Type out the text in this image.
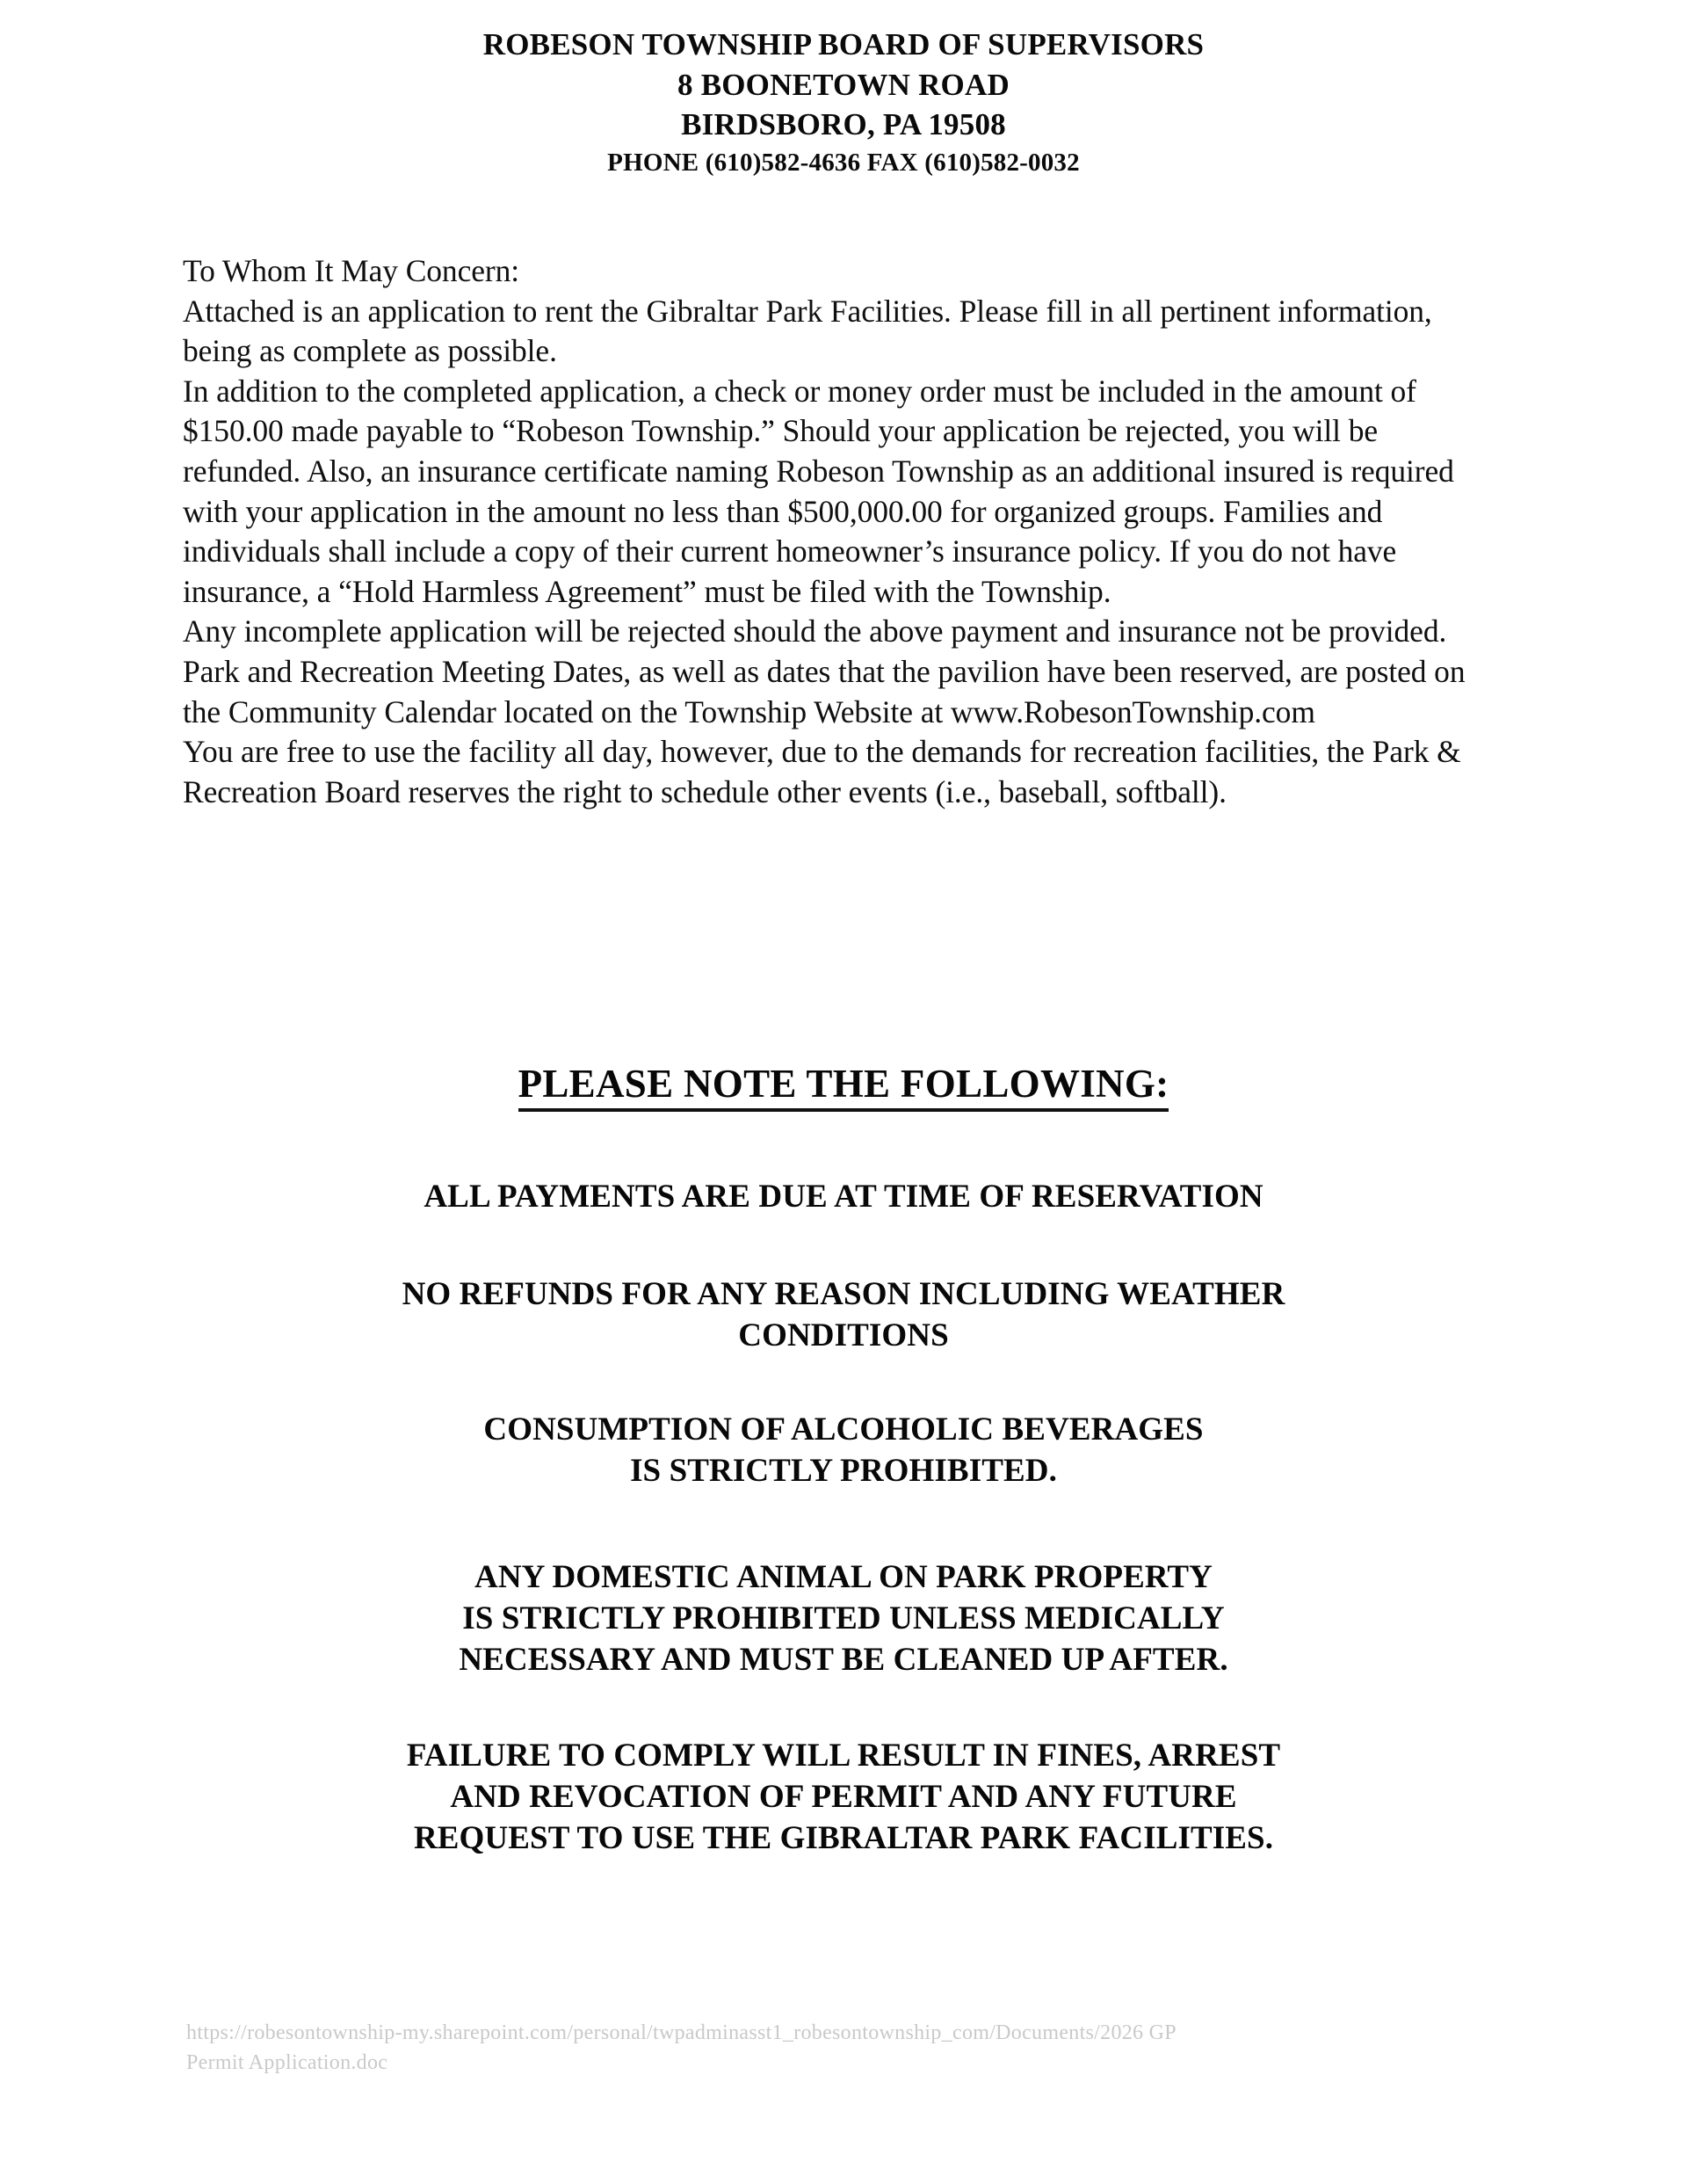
ROBESON TOWNSHIP BOARD OF SUPERVISORS
8 BOONETOWN ROAD
BIRDSBORO, PA 19508
PHONE (610)582-4636 FAX (610)582-0032

To Whom It May Concern:

Attached is an application to rent the Gibraltar Park Facilities. Please fill in all pertinent information, being as complete as possible.

In addition to the completed application, a check or money order must be included in the amount of $150.00 made payable to “Robeson Township.” Should your application be rejected, you will be refunded. Also, an insurance certificate naming Robeson Township as an additional insured is required with your application in the amount no less than $500,000.00 for organized groups. Families and individuals shall include a copy of their current homeowner’s insurance policy. If you do not have insurance, a “Hold Harmless Agreement” must be filed with the Township.

Any incomplete application will be rejected should the above payment and insurance not be provided.

Park and Recreation Meeting Dates, as well as dates that the pavilion have been reserved, are posted on the Community Calendar located on the Township Website at www.RobesonTownship.com

You are free to use the facility all day, however, due to the demands for recreation facilities, the Park & Recreation Board reserves the right to schedule other events (i.e., baseball, softball).

PLEASE NOTE THE FOLLOWING:
ALL PAYMENTS ARE DUE AT TIME OF RESERVATION
NO REFUNDS FOR ANY REASON INCLUDING WEATHER
CONDITIONS
CONSUMPTION OF ALCOHOLIC BEVERAGES
IS STRICTLY PROHIBITED.
ANY DOMESTIC ANIMAL ON PARK PROPERTY
IS STRICTLY PROHIBITED UNLESS MEDICALLY
NECESSARY AND MUST BE CLEANED UP AFTER.
FAILURE TO COMPLY WILL RESULT IN FINES, ARREST
AND REVOCATION OF PERMIT AND ANY FUTURE
REQUEST TO USE THE GIBRALTAR PARK FACILITIES.
https://robesontownship-my.sharepoint.com/personal/twpadminasst1_robesontownship_com/Documents/2026 GP
Permit Application.doc
